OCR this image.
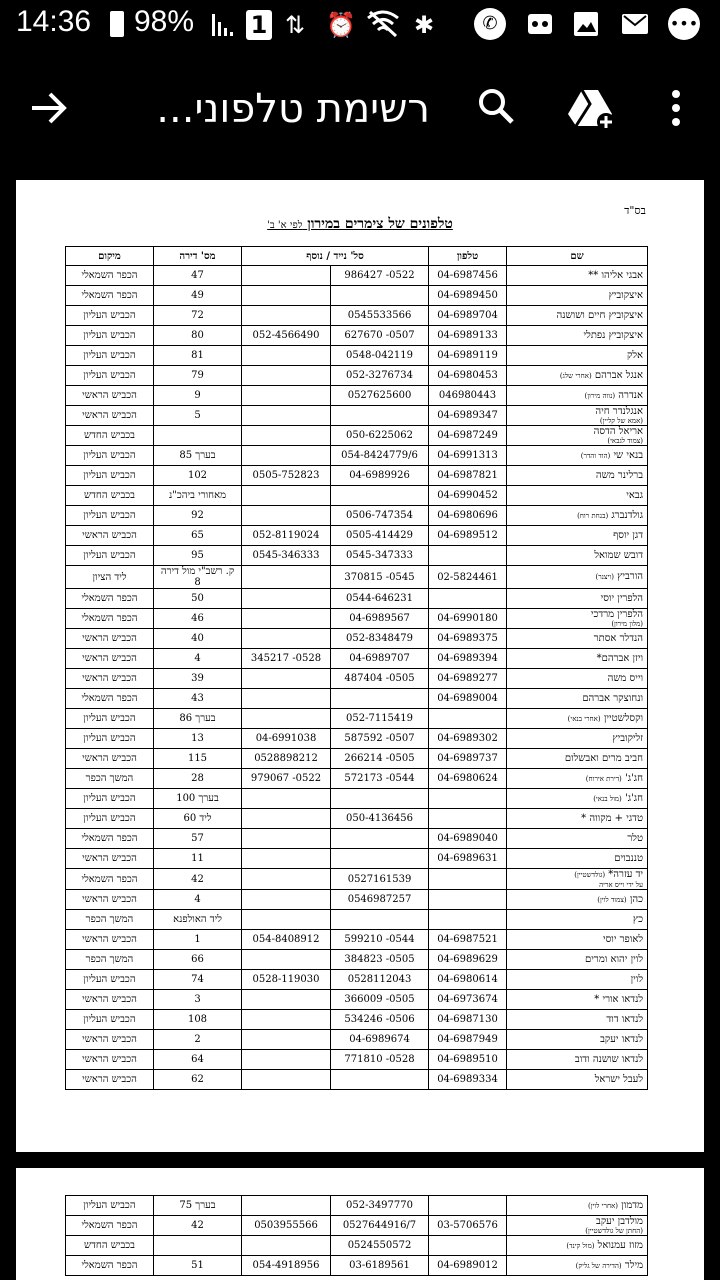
14:36 98% 1 ⇅ ⏰ ✱	✆	•••
רשימת טלפוני...
בס"ד
טלפונים של צימרים במירון לפי א' ב'
שם	טלפון	סל' נייד / נוסף		מס' דירה	מיקום
אבגי אליהו **	04-6987456	0522- 986427		47	הכפר השמאלי
איצקוביץ	04-6989450			49	הכפר השמאלי
איצקוביץ חיים ושושנה	04-6989704	0545533566		72	הכביש העליון
איצקוביץ נפתלי	04-6989133	0507- 627670	052-4566490	80	הכביש העליון
אלק	04-6989119	0548-042119		81	הכביש העליון
אנגל אברהם (אחרי שלג)	04-6980453	052-3276734		79	הכביש העליון
אנדרה (נווה מירון)	046980443	0527625600		9	הכביש הראשי
אנגלנדר חיה
(אמא של קליין)	04-6989347			5	הכביש הראשי
אריאל הדסה
(צמוד לגבאי)	04-6987249	050-6225062			בכביש החדש
בנאי שי (הוד והדר)	04-6991313	054-8424779/6		בערך 85	הכביש העליון
ברלינר משה	04-6987821	04-6989926	0505-752823	102	הכביש העליון
גבאי	04-6990452			מאחורי ביהכ"נ	בכביש החדש
גולדנברג (בנחת רוח)	04-6980696	0506-747354		92	הכביש העליון
דגן יוסף	04-6989512	0505-414429	052-8119024	65	הכביש הראשי
דובש שמואל		0545-347333	0545-346333	95	הכביש העליון
הורביץ (ויצנר)	02-5824461	0545- 370815		ק. רשב"י מול דירה 8	ליד הציון
הלפרין יוסי		0544-646231		50	הכפר השמאלי
הלפרין מרדכי
(מלון מירון)	04-6990180	04-6989567		46	הכפר השמאלי
הנדלר אסתר	04-6989375	052-8348479		40	הכביש הראשי
ויזן אברהם*	04-6989394	04-6989707	0528- 345217	4	הכביש הראשי
וייס משה	04-6989277	0505- 487404		39	הכביש הראשי
ונחוצקר אברהם	04-6989004			43	הכפר השמאלי
וקסלשטיין (אחרי בנאי)		052-7115419		בערך 86	הכביש העליון
זליקוביץ	04-6989302	0507- 587592	04-6991038	13	הכביש העליון
חביב מרים ואבשלום	04-6989737	0505- 266214	0528898212	115	הכביש הראשי
חג'ג' (דירת אירוח)	04-6980624	0544- 572173	0522- 979067	28	המשך הכפר
חג'ג' (מול בנאי)				בערך 100	הכביש העליון
טדגי + מקווה *		050-4136456		ליד 60	הכביש העליון
טלר	04-6989040			57	הכפר השמאלי
טננבוים	04-6989631			11	הכביש הראשי
יד עזרה* (גולדשטיין)
על ידי וייס אריה		0527161539		42	הכפר השמאלי
כהן (צמוד לוין)		0546987257		4	הכביש הראשי
כץ				ליד האולפנא	המשך הכפר
לאופר יוסי	04-6987521	0544- 599210	054-8408912	1	הכביש הראשי
לוין יהוא ומרים	04-6989629	0505- 384823		66	המשך הכפר
לוין	04-6980614	0528112043	0528-119030	74	הכביש העליון
לנדאו אורי *	04-6973674	0505- 366009		3	הכביש הראשי
לנדאו דוד	04-6987130	0506- 534246		108	הכביש העליון
לנדאו יעקב	04-6987949	04-6989674		2	הכביש הראשי
לנדאו שושנה ודוב	04-6989510	0528- 771810		64	הכביש הראשי
לעבל ישראל	04-6989334			62	הכביש הראשי
מדמון (אחרי לוין)		052-3497770		בערך 75	הכביש העליון
מולדבן יעקב
(החתן של גולדשטיין)	03-5706576	0527644916/7	0503955566	42	הכפר השמאלי
מזוז עמנואל (מול קינד)		0524550572			בכביש החדש
מילר (הדירה של גליק)	04-6989012	03-6189561	054-4918956	51	הכפר השמאלי
